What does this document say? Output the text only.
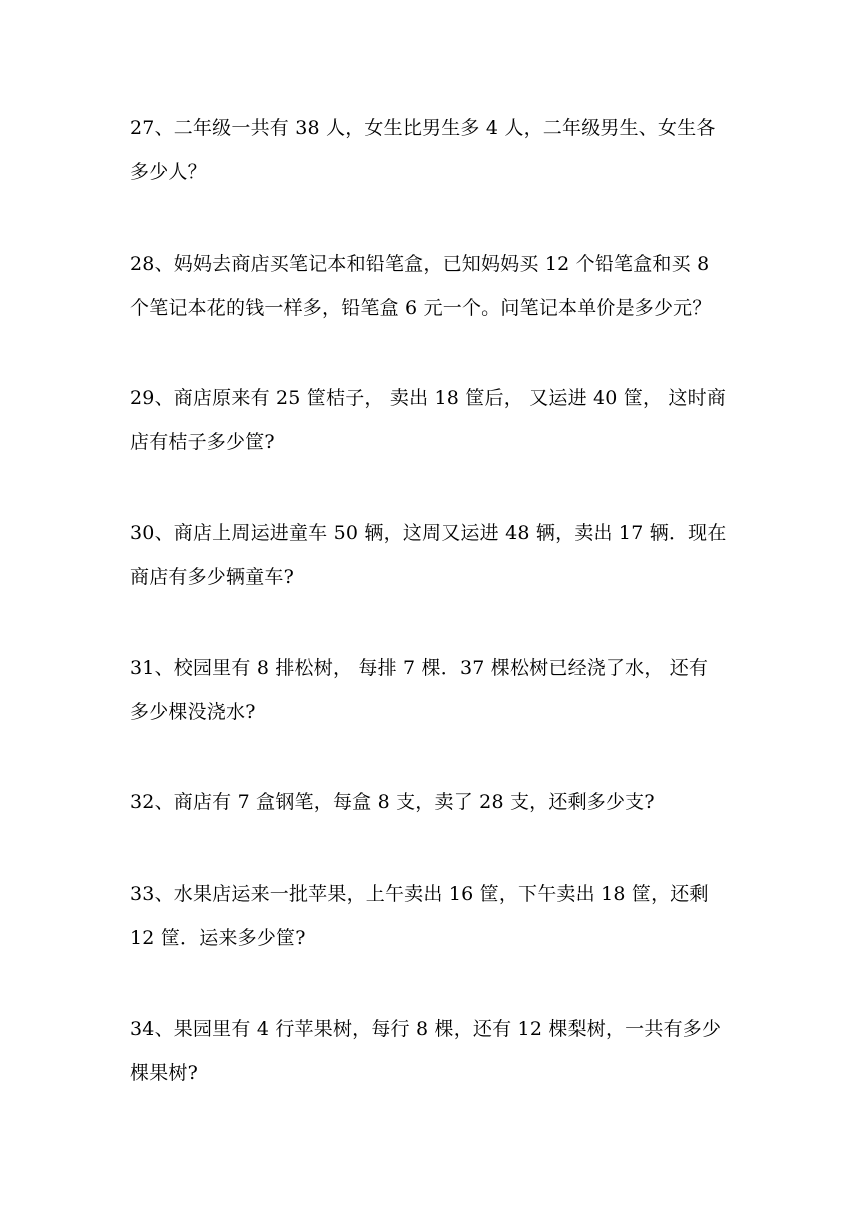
27、二年级一共有 38 人，女生比男生多 4 人，二年级男生、女生各
多少人？
28、妈妈去商店买笔记本和铅笔盒，已知妈妈买 12 个铅笔盒和买 8
个笔记本花的钱一样多，铅笔盒 6 元一个。问笔记本单价是多少元？
29、商店原来有 25 筐桔子， 卖出 18 筐后， 又运进 40 筐， 这时商
店有桔子多少筐?
30、商店上周运进童车 50 辆，这周又运进 48 辆，卖出 17 辆．现在
商店有多少辆童车?
31、校园里有 8 排松树， 每排 7 棵．37 棵松树已经浇了水， 还有
多少棵没浇水?
32、商店有 7 盒钢笔，每盒 8 支，卖了 28 支，还剩多少支?
33、水果店运来一批苹果，上午卖出 16 筐，下午卖出 18 筐，还剩
12 筐．运来多少筐?
34、果园里有 4 行苹果树，每行 8 棵，还有 12 棵梨树，一共有多少
棵果树?
